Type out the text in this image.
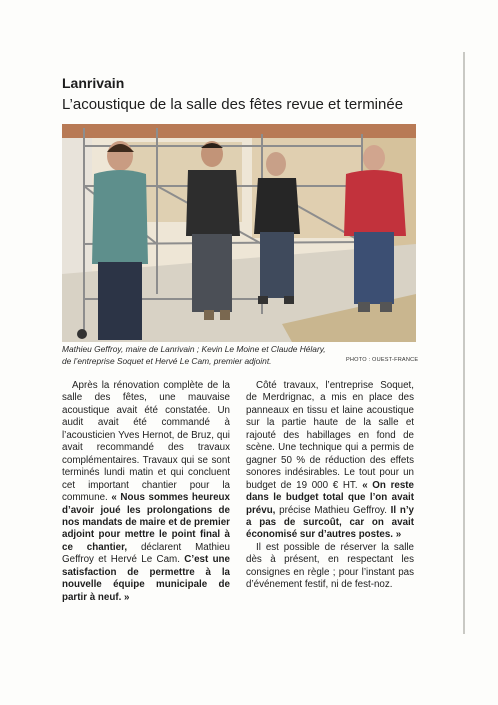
Lanrivain
L’acoustique de la salle des fêtes revue et terminée
Mathieu Geffroy, maire de Lanrivain ; Kevin Le Moine et Claude Hélary,
de l’entreprise Soquet et Hervé Le Cam, premier adjoint.	PHOTO : OUEST-FRANCE

Après la rénovation complète de la salle des fêtes, une mauvaise acoustique avait été constatée. Un audit avait été commandé à l’acousticien Yves Hernot, de Bruz, qui avait recommandé des travaux complémentaires. Travaux qui se sont terminés lundi matin et qui concluent cet important chantier pour la commune. « Nous sommes heureux d’avoir joué les prolongations de nos mandats de maire et de premier adjoint pour mettre le point final à ce chantier, déclarent Mathieu Geffroy et Hervé Le Cam. C’est une satisfaction de permettre à la nouvelle équipe municipale de partir à neuf. »

Côté travaux, l’entreprise Soquet, de Merdrignac, a mis en place des panneaux en tissu et laine acoustique sur la partie haute de la salle et rajouté des habillages en fond de scène. Une technique qui a permis de gagner 50 % de réduction des effets sonores indésirables. Le tout pour un budget de 19 000 € HT. « On reste dans le budget total que l’on avait prévu, précise Mathieu Geffroy. Il n’y a pas de surcoût, car on avait économisé sur d’autres postes. »

Il est possible de réserver la salle dès à présent, en respectant les consignes en règle ; pour l’instant pas d’événement festif, ni de fest-noz.
